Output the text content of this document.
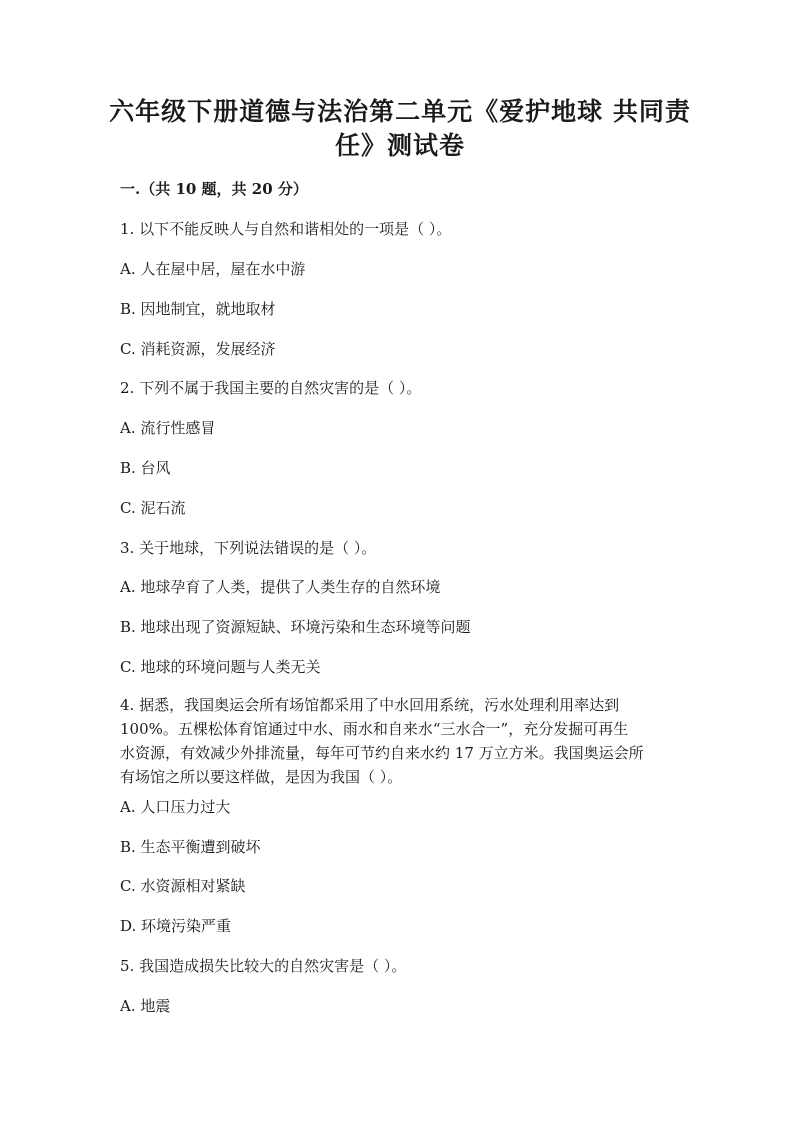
六年级下册道德与法治第二单元《爱护地球 共同责
任》测试卷
一.（共 10 题，共 20 分）
1. 以下不能反映人与自然和谐相处的一项是（ ）。
A. 人在屋中居，屋在水中游
B. 因地制宜，就地取材
C. 消耗资源，发展经济
2. 下列不属于我国主要的自然灾害的是（ ）。
A. 流行性感冒
B. 台风
C. 泥石流
3. 关于地球，下列说法错误的是（ ）。
A. 地球孕育了人类，提供了人类生存的自然环境
B. 地球出现了资源短缺、环境污染和生态环境等问题
C. 地球的环境问题与人类无关
4. 据悉，我国奥运会所有场馆都采用了中水回用系统，污水处理利用率达到
100%。五棵松体育馆通过中水、雨水和自来水“三水合一”，充分发掘可再生
水资源，有效减少外排流量，每年可节约自来水约 17 万立方米。我国奥运会所
有场馆之所以要这样做，是因为我国（ ）。
A. 人口压力过大
B. 生态平衡遭到破坏
C. 水资源相对紧缺
D. 环境污染严重
5. 我国造成损失比较大的自然灾害是（ ）。
A. 地震
